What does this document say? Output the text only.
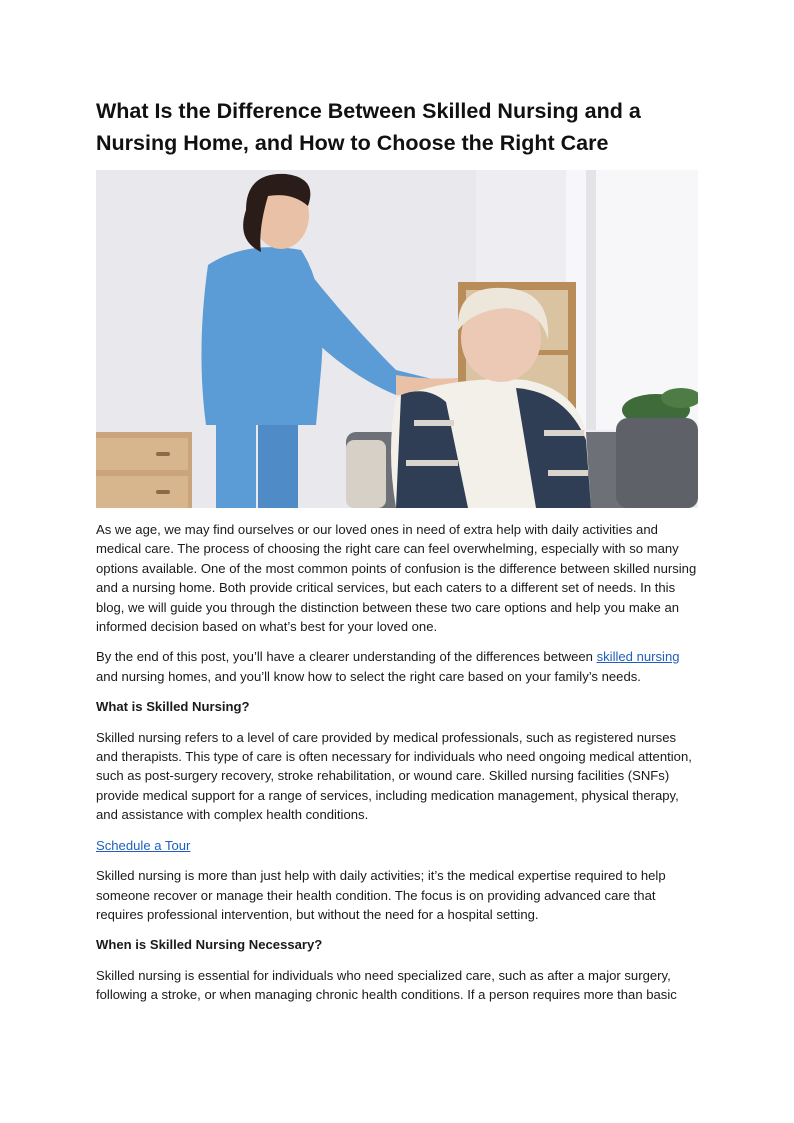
What Is the Difference Between Skilled Nursing and a Nursing Home, and How to Choose the Right Care

As we age, we may find ourselves or our loved ones in need of extra help with daily activities and medical care. The process of choosing the right care can feel overwhelming, especially with so many options available. One of the most common points of confusion is the difference between skilled nursing and a nursing home. Both provide critical services, but each caters to a different set of needs. In this blog, we will guide you through the distinction between these two care options and help you make an informed decision based on what’s best for your loved one.

By the end of this post, you’ll have a clearer understanding of the differences between skilled nursing and nursing homes, and you’ll know how to select the right care based on your family’s needs.

What is Skilled Nursing?

Skilled nursing refers to a level of care provided by medical professionals, such as registered nurses and therapists. This type of care is often necessary for individuals who need ongoing medical attention, such as post-surgery recovery, stroke rehabilitation, or wound care. Skilled nursing facilities (SNFs) provide medical support for a range of services, including medication management, physical therapy, and assistance with complex health conditions.

Schedule a Tour

Skilled nursing is more than just help with daily activities; it’s the medical expertise required to help someone recover or manage their health condition. The focus is on providing advanced care that requires professional intervention, but without the need for a hospital setting.

When is Skilled Nursing Necessary?

Skilled nursing is essential for individuals who need specialized care, such as after a major surgery, following a stroke, or when managing chronic health conditions. If a person requires more than basic
